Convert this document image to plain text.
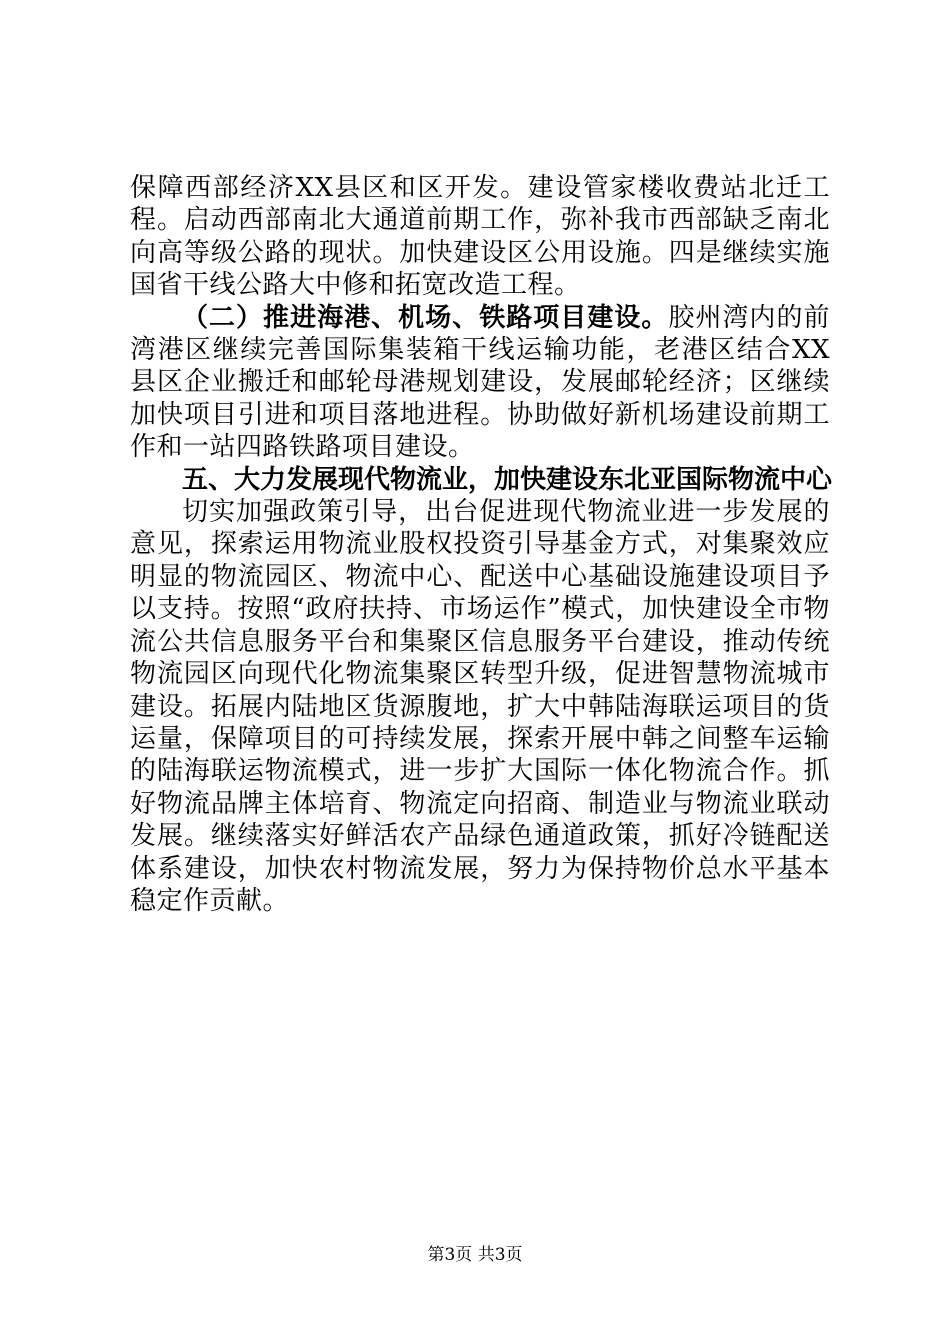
保障西部经济XX县区和区开发。建设管家楼收费站北迁工程。启动西部南北大通道前期工作，弥补我市西部缺乏南北向高等级公路的现状。加快建设区公用设施。四是继续实施国省干线公路大中修和拓宽改造工程。

（二）推进海港、机场、铁路项目建设。胶州湾内的前湾港区继续完善国际集装箱干线运输功能，老港区结合XX县区企业搬迁和邮轮母港规划建设，发展邮轮经济；区继续加快项目引进和项目落地进程。协助做好新机场建设前期工作和一站四路铁路项目建设。

五、大力发展现代物流业，加快建设东北亚国际物流中心

切实加强政策引导，出台促进现代物流业进一步发展的意见，探索运用物流业股权投资引导基金方式，对集聚效应明显的物流园区、物流中心、配送中心基础设施建设项目予以支持。按照“政府扶持、市场运作”模式，加快建设全市物流公共信息服务平台和集聚区信息服务平台建设，推动传统物流园区向现代化物流集聚区转型升级，促进智慧物流城市建设。拓展内陆地区货源腹地，扩大中韩陆海联运项目的货运量，保障项目的可持续发展，探索开展中韩之间整车运输的陆海联运物流模式，进一步扩大国际一体化物流合作。抓好物流品牌主体培育、物流定向招商、制造业与物流业联动发展。继续落实好鲜活农产品绿色通道政策，抓好冷链配送体系建设，加快农村物流发展，努力为保持物价总水平基本稳定作贡献。

第3页 共3页
